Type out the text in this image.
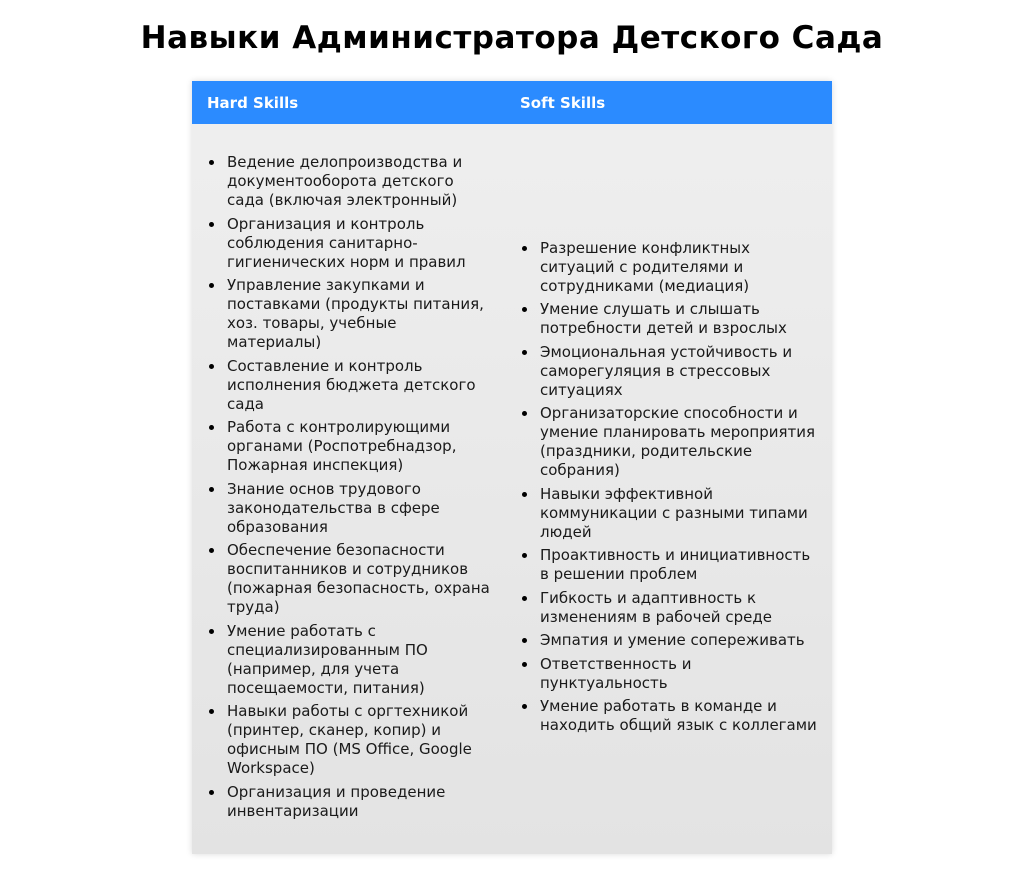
Навыки Администратора Детского Сада
Hard Skills	Soft Skills
Ведение делопроизводства и документооборота детского сада (включая электронный)
Организация и контроль соблюдения санитарно-гигиенических норм и правил
Управление закупками и поставками (продукты питания, хоз. товары, учебные материалы)
Составление и контроль исполнения бюджета детского сада
Работа с контролирующими органами (Роспотребнадзор, Пожарная инспекция)
Знание основ трудового законодательства в сфере образования
Обеспечение безопасности воспитанников и сотрудников (пожарная безопасность, охрана труда)
Умение работать с специализированным ПО (например, для учета посещаемости, питания)
Навыки работы с оргтехникой (принтер, сканер, копир) и офисным ПО (MS Office, Google Workspace)
Организация и проведение инвентаризации
Разрешение конфликтных ситуаций с родителями и сотрудниками (медиация)
Умение слушать и слышать потребности детей и взрослых
Эмоциональная устойчивость и саморегуляция в стрессовых ситуациях
Организаторские способности и умение планировать мероприятия (праздники, родительские собрания)
Навыки эффективной коммуникации с разными типами людей
Проактивность и инициативность в решении проблем
Гибкость и адаптивность к изменениям в рабочей среде
Эмпатия и умение сопереживать
Ответственность и пунктуальность
Умение работать в команде и находить общий язык с коллегами
